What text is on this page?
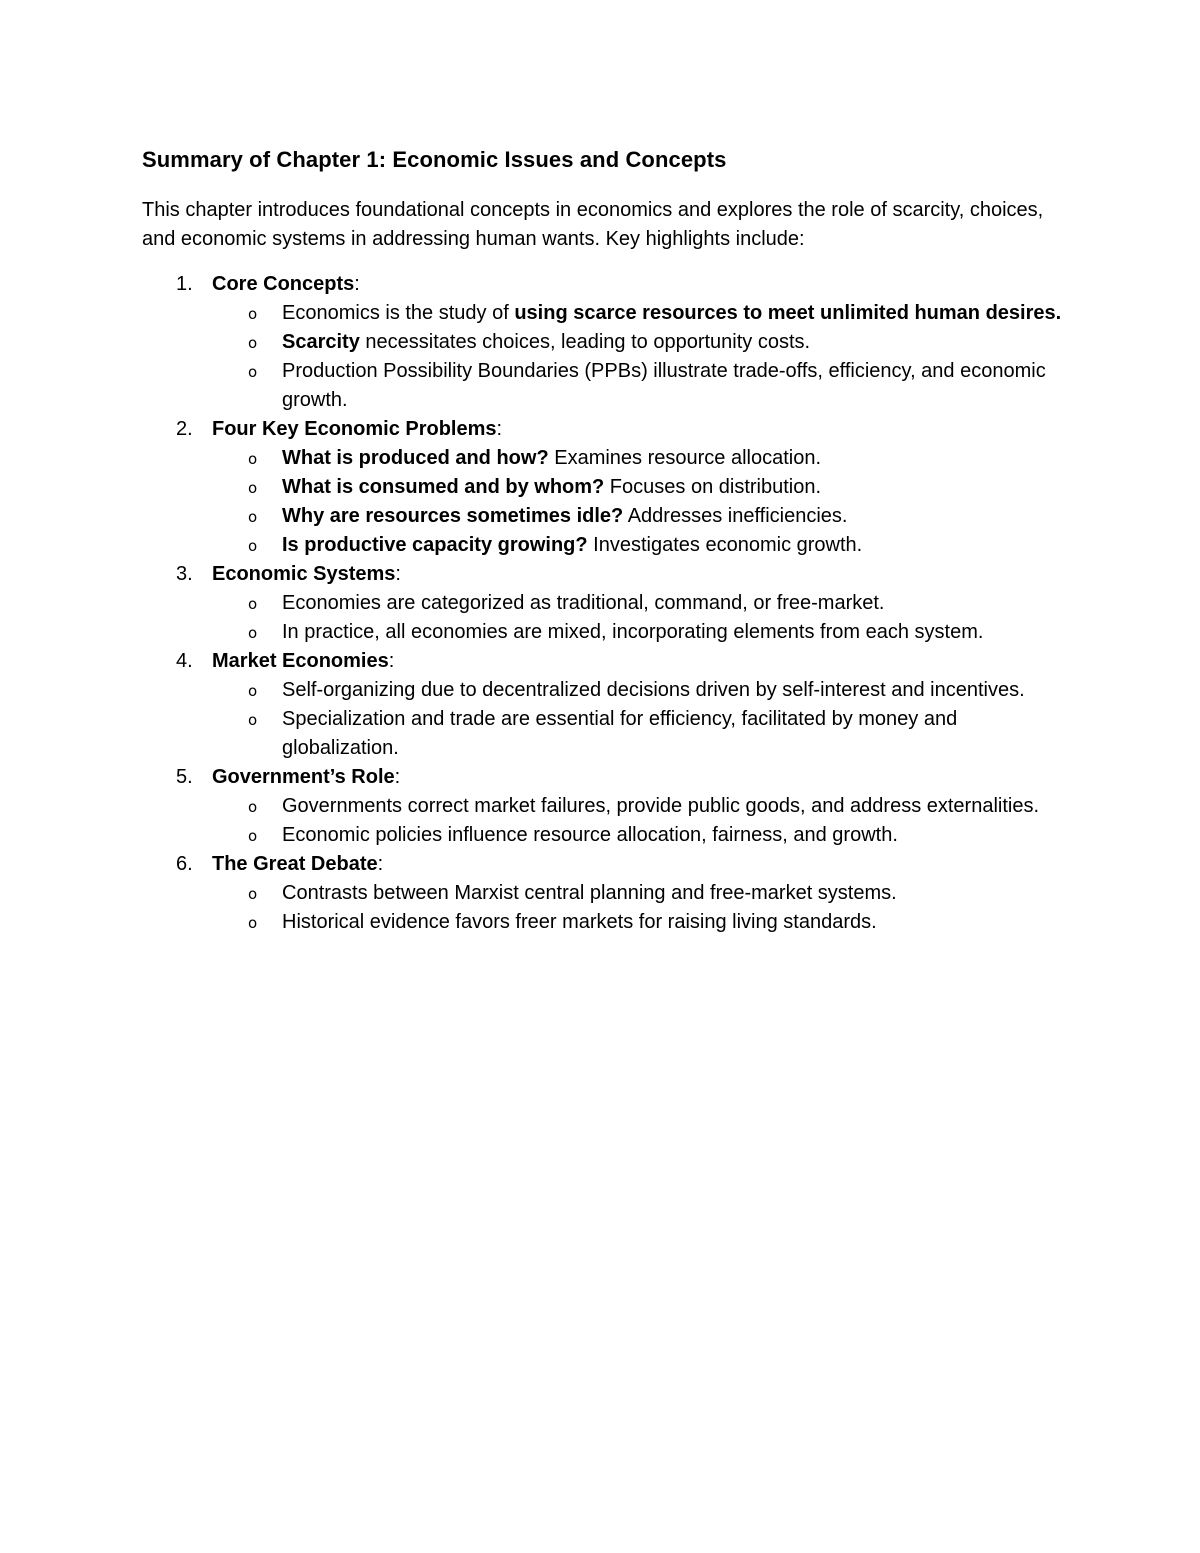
Summary of Chapter 1: Economic Issues and Concepts

This chapter introduces foundational concepts in economics and explores the role of scarcity, choices, and economic systems in addressing human wants. Key highlights include:

1. Core Concepts:
o Economics is the study of using scarce resources to meet unlimited human desires.
o Scarcity necessitates choices, leading to opportunity costs.
o Production Possibility Boundaries (PPBs) illustrate trade-offs, efficiency, and economic growth.
2. Four Key Economic Problems:
o What is produced and how? Examines resource allocation.
o What is consumed and by whom? Focuses on distribution.
o Why are resources sometimes idle? Addresses inefficiencies.
o Is productive capacity growing? Investigates economic growth.
3. Economic Systems:
o Economies are categorized as traditional, command, or free-market.
o In practice, all economies are mixed, incorporating elements from each system.
4. Market Economies:
o Self-organizing due to decentralized decisions driven by self-interest and incentives.
o Specialization and trade are essential for efficiency, facilitated by money and globalization.
5. Government’s Role:
o Governments correct market failures, provide public goods, and address externalities.
o Economic policies influence resource allocation, fairness, and growth.
6. The Great Debate:
o Contrasts between Marxist central planning and free-market systems.
o Historical evidence favors freer markets for raising living standards.
